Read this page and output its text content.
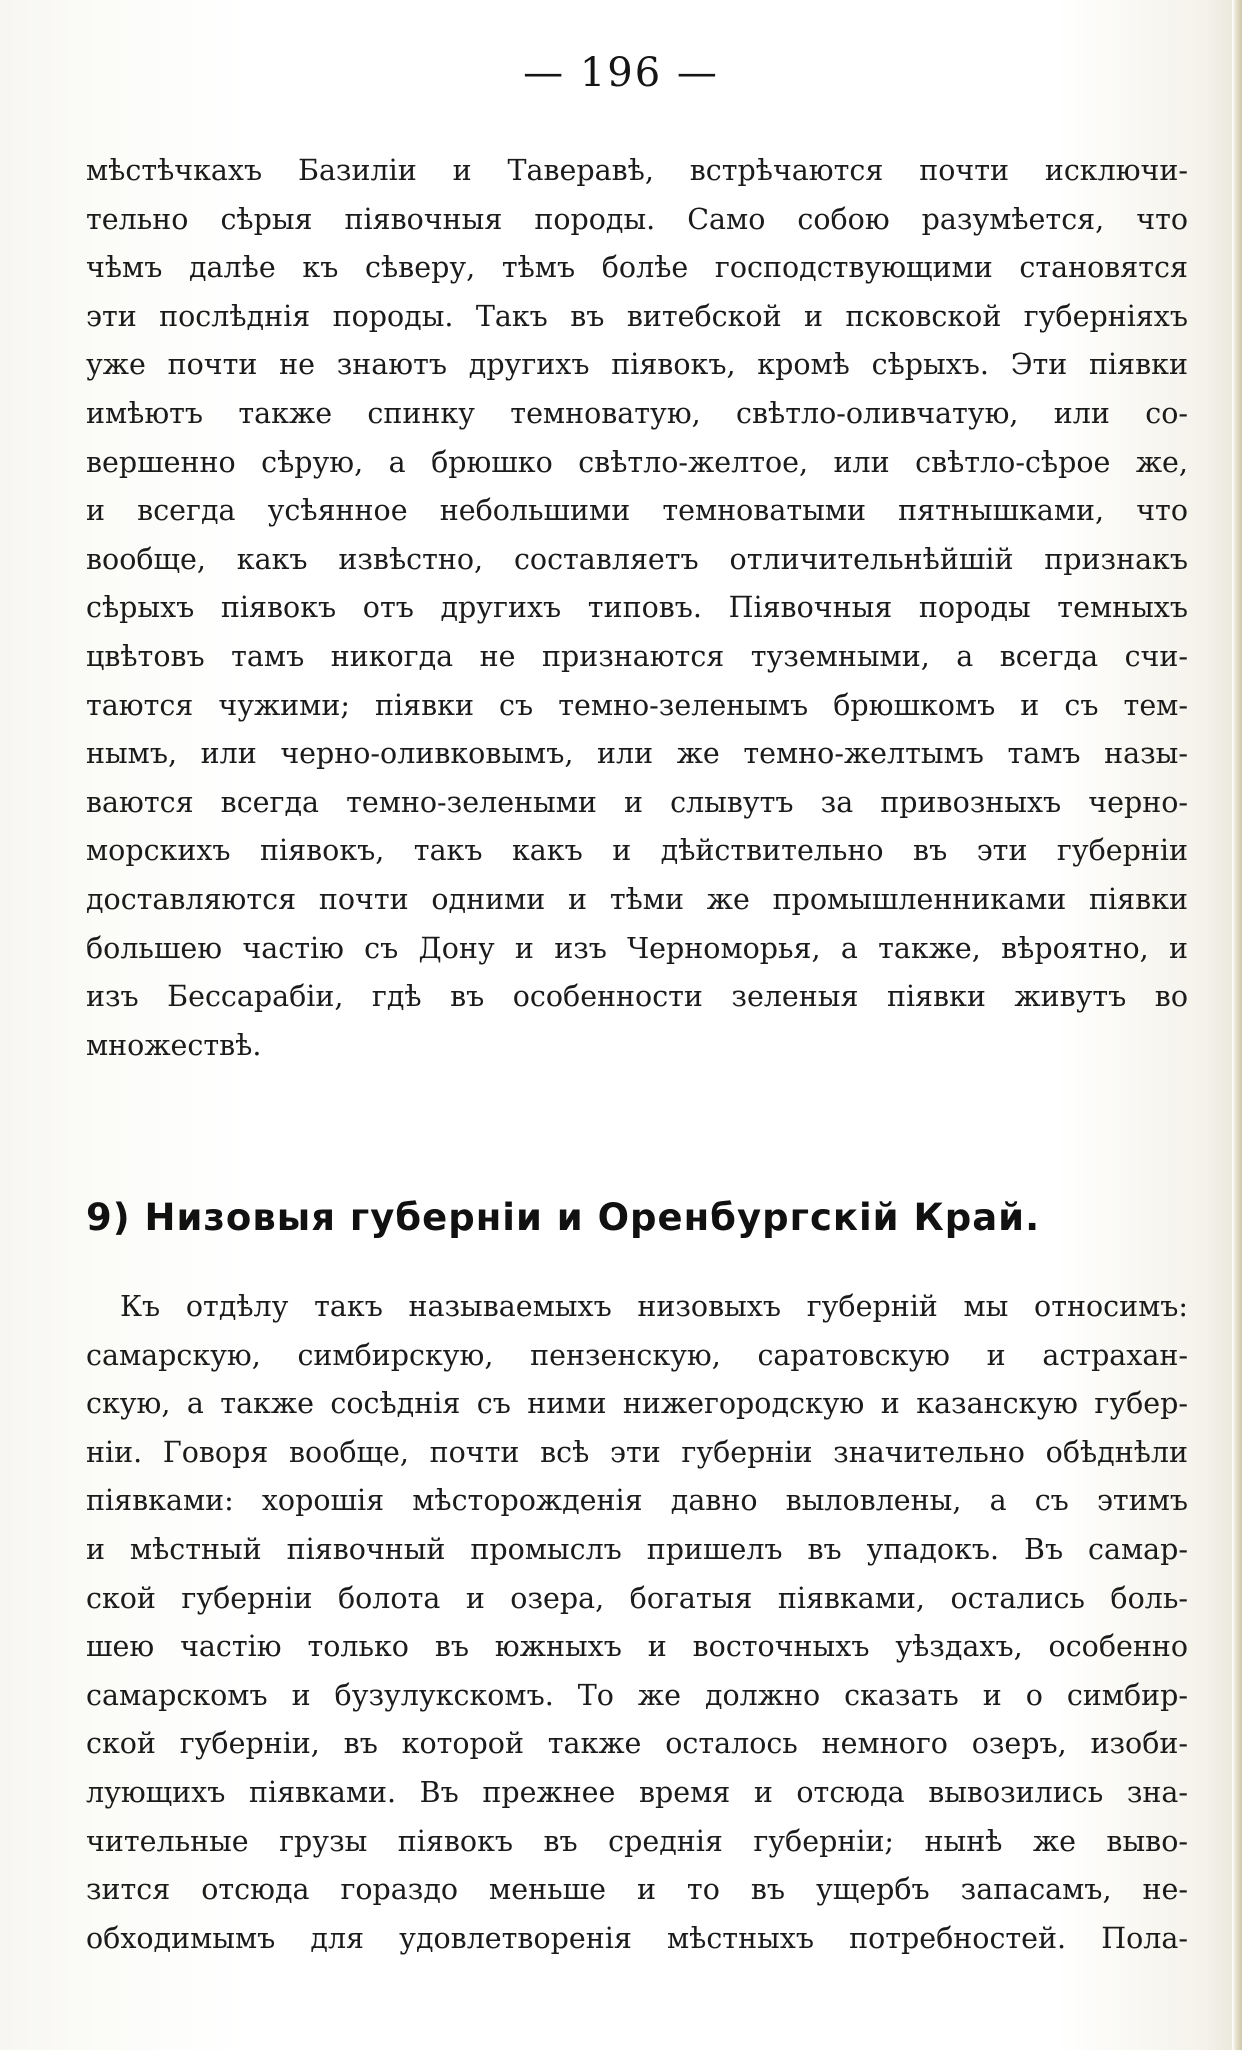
— 196 —
мѣстѣчкахъ Базиліи и Таверавѣ, встрѣчаются почти исключи-
тельно сѣрыя піявочныя породы. Само собою разумѣется, что
чѣмъ далѣе къ сѣверу, тѣмъ болѣе господствующими становятся
эти послѣднія породы. Такъ въ витебской и псковской губерніяхъ
уже почти не знаютъ другихъ піявокъ, кромѣ сѣрыхъ. Эти піявки
имѣютъ также спинку темноватую, свѣтло-оливчатую, или со-
вершенно сѣрую, а брюшко свѣтло-желтое, или свѣтло-сѣрое же,
и всегда усѣянное небольшими темноватыми пятнышками, что
вообще, какъ извѣстно, составляетъ отличительнѣйшій признакъ
сѣрыхъ піявокъ отъ другихъ типовъ. Піявочныя породы темныхъ
цвѣтовъ тамъ никогда не признаются туземными, а всегда счи-
таются чужими; піявки съ темно-зеленымъ брюшкомъ и съ тем-
нымъ, или черно-оливковымъ, или же темно-желтымъ тамъ назы-
ваются всегда темно-зелеными и слывутъ за привозныхъ черно-
морскихъ піявокъ, такъ какъ и дѣйствительно въ эти губерніи
доставляются почти одними и тѣми же промышленниками піявки
большею частію съ Дону и изъ Черноморья, а также, вѣроятно, и
изъ Бессарабіи, гдѣ въ особенности зеленыя піявки живутъ во
множествѣ.
9) Низовыя губерніи и Оренбургскій Край.
Къ отдѣлу такъ называемыхъ низовыхъ губерній мы относимъ:
самарскую, симбирскую, пензенскую, саратовскую и астрахан-
скую, а также сосѣднія съ ними нижегородскую и казанскую губер-
ніи. Говоря вообще, почти всѣ эти губерніи значительно обѣднѣли
піявками: хорошія мѣсторожденія давно выловлены, а съ этимъ
и мѣстный піявочный промыслъ пришелъ въ упадокъ. Въ самар-
ской губерніи болота и озера, богатыя піявками, остались боль-
шею частію только въ южныхъ и восточныхъ уѣздахъ, особенно
самарскомъ и бузулукскомъ. То же должно сказать и о симбир-
ской губерніи, въ которой также осталось немного озеръ, изоби-
лующихъ піявками. Въ прежнее время и отсюда вывозились зна-
чительные грузы піявокъ въ среднія губерніи; нынѣ же выво-
зится отсюда гораздо меньше и то въ ущербъ запасамъ, не-
обходимымъ для удовлетворенія мѣстныхъ потребностей. Пола-
